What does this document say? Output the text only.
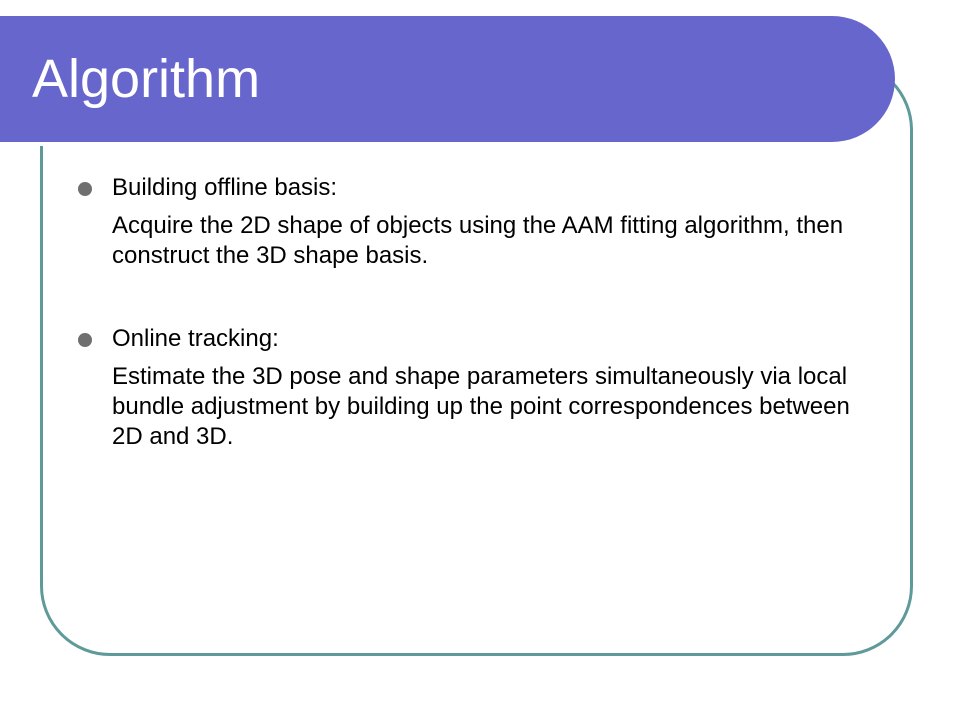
Algorithm
Building offline basis:
Acquire the 2D shape of objects using the AAM fitting algorithm, then construct the 3D shape basis.
Online tracking:
Estimate the 3D pose and shape parameters simultaneously via local bundle adjustment by building up the point correspondences between 2D and 3D.
